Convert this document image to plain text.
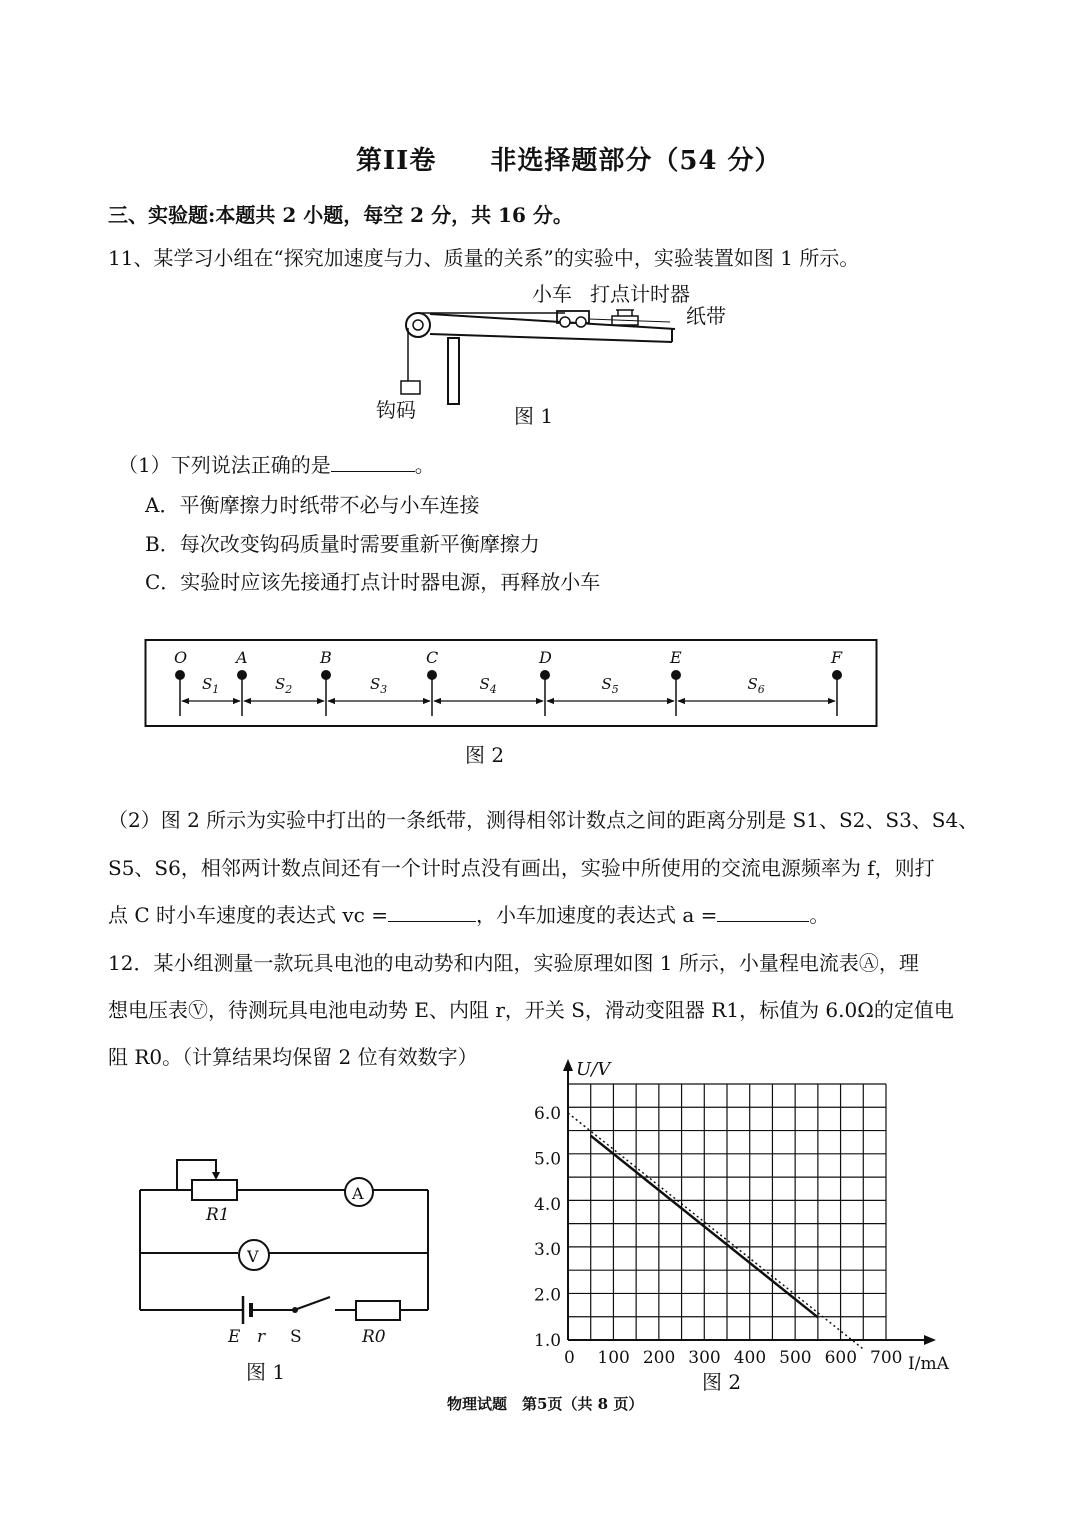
第II卷　　非选择题部分（54 分）
三、实验题:本题共 2 小题，每空 2 分，共 16 分。
11、某学习小组在“探究加速度与力、质量的关系”的实验中，实验装置如图 1 所示。
小车 打点计时器
纸带
钩码	图 1
（1）下列说法正确的是	。
A．平衡摩擦力时纸带不必与小车连接
B．每次改变钩码质量时需要重新平衡摩擦力
C．实验时应该先接通打点计时器电源，再释放小车
O	A	B	C	D	E	F
$S_1$	$S_2$	$S_3$	$S_4$	$S_5$	$S_6$
图 2
（2）图 2 所示为实验中打出的一条纸带，测得相邻计数点之间的距离分别是 S1、S2、S3、S4、
S5、S6，相邻两计数点间还有一个计时点没有画出，实验中所使用的交流电源频率为 f，则打
点 C 时小车速度的表达式 vc =	，小车加速度的表达式 a =	。
12．某小组测量一款玩具电池的电动势和内阻，实验原理如图 1 所示，小量程电流表Ⓐ，理
想电压表Ⓥ，待测玩具电池电动势 E、内阻 r，开关 S，滑动变阻器 R1，标值为 6.0Ω的定值电
阻 R0。（计算结果均保留 2 位有效数字）
A
V
R1
E r S	R0
图 1
U/V
I/mA
1.0
2.0
3.0
4.0
5.0
6.0
0 100 200 300 400 500 600 700
图 2
物理试题　第5页（共 8 页）
